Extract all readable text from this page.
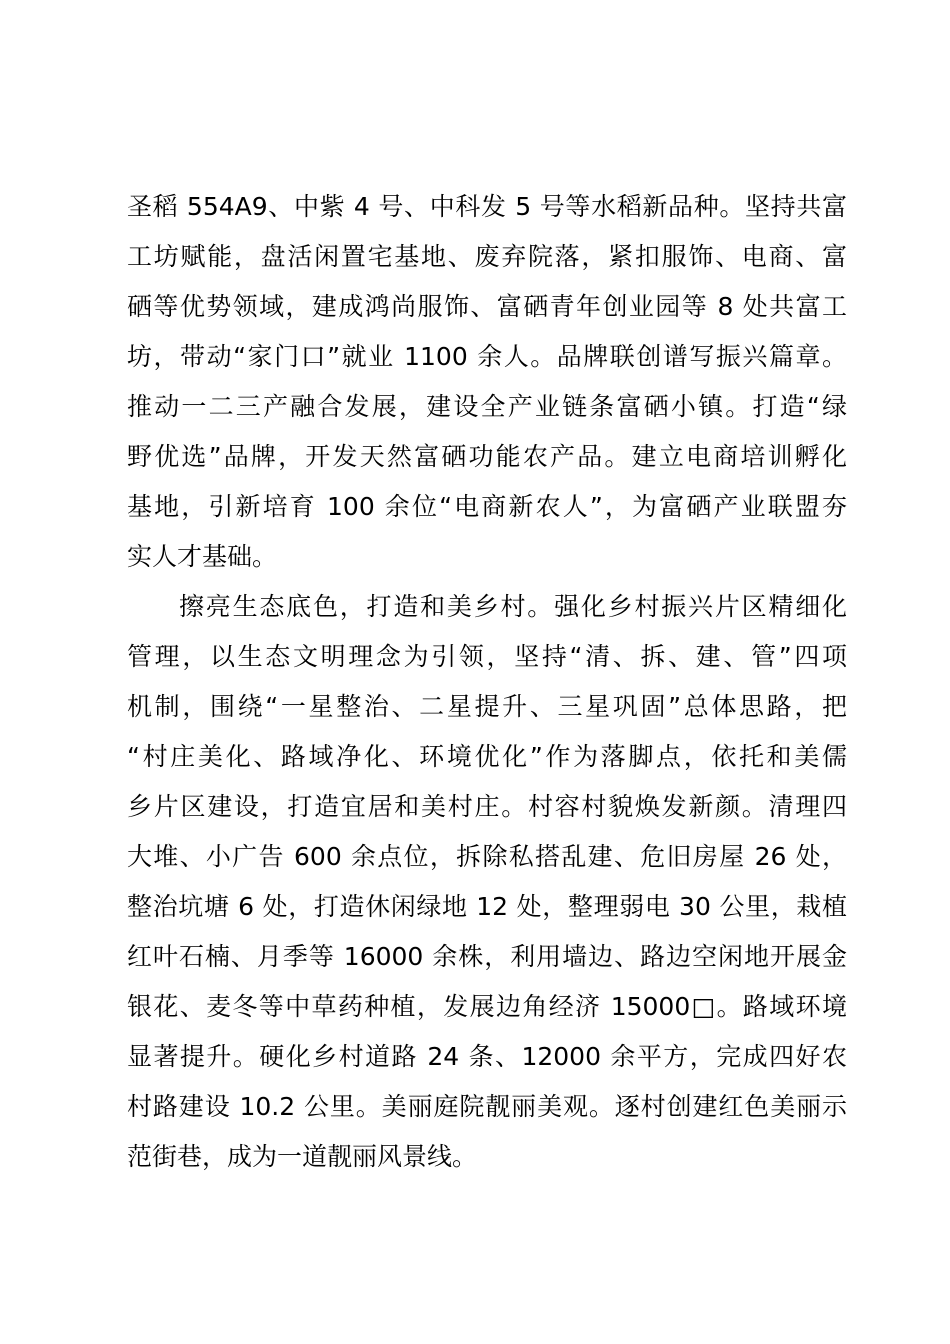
圣稻 554A9、中紫 4 号、中科发 5 号等水稻新品种。坚持共富
工坊赋能，盘活闲置宅基地、废弃院落，紧扣服饰、电商、富
硒等优势领域，建成鸿尚服饰、富硒青年创业园等 8 处共富工
坊，带动“家门口”就业 1100 余人。品牌联创谱写振兴篇章。
推动一二三产融合发展，建设全产业链条富硒小镇。打造“绿
野优选”品牌，开发天然富硒功能农产品。建立电商培训孵化
基地，引新培育 100 余位“电商新农人”，为富硒产业联盟夯
实人才基础。
擦亮生态底色，打造和美乡村。强化乡村振兴片区精细化
管理，以生态文明理念为引领，坚持“清、拆、建、管”四项
机制，围绕“一星整治、二星提升、三星巩固”总体思路，把
“村庄美化、路域净化、环境优化”作为落脚点，依托和美儒
乡片区建设，打造宜居和美村庄。村容村貌焕发新颜。清理四
大堆、小广告 600 余点位，拆除私搭乱建、危旧房屋 26 处，
整治坑塘 6 处，打造休闲绿地 12 处，整理弱电 30 公里，栽植
红叶石楠、月季等 16000 余株，利用墙边、路边空闲地开展金
银花、麦冬等中草药种植，发展边角经济 15000□。路域环境
显著提升。硬化乡村道路 24 条、12000 余平方，完成四好农
村路建设 10.2 公里。美丽庭院靓丽美观。逐村创建红色美丽示
范街巷，成为一道靓丽风景线。
